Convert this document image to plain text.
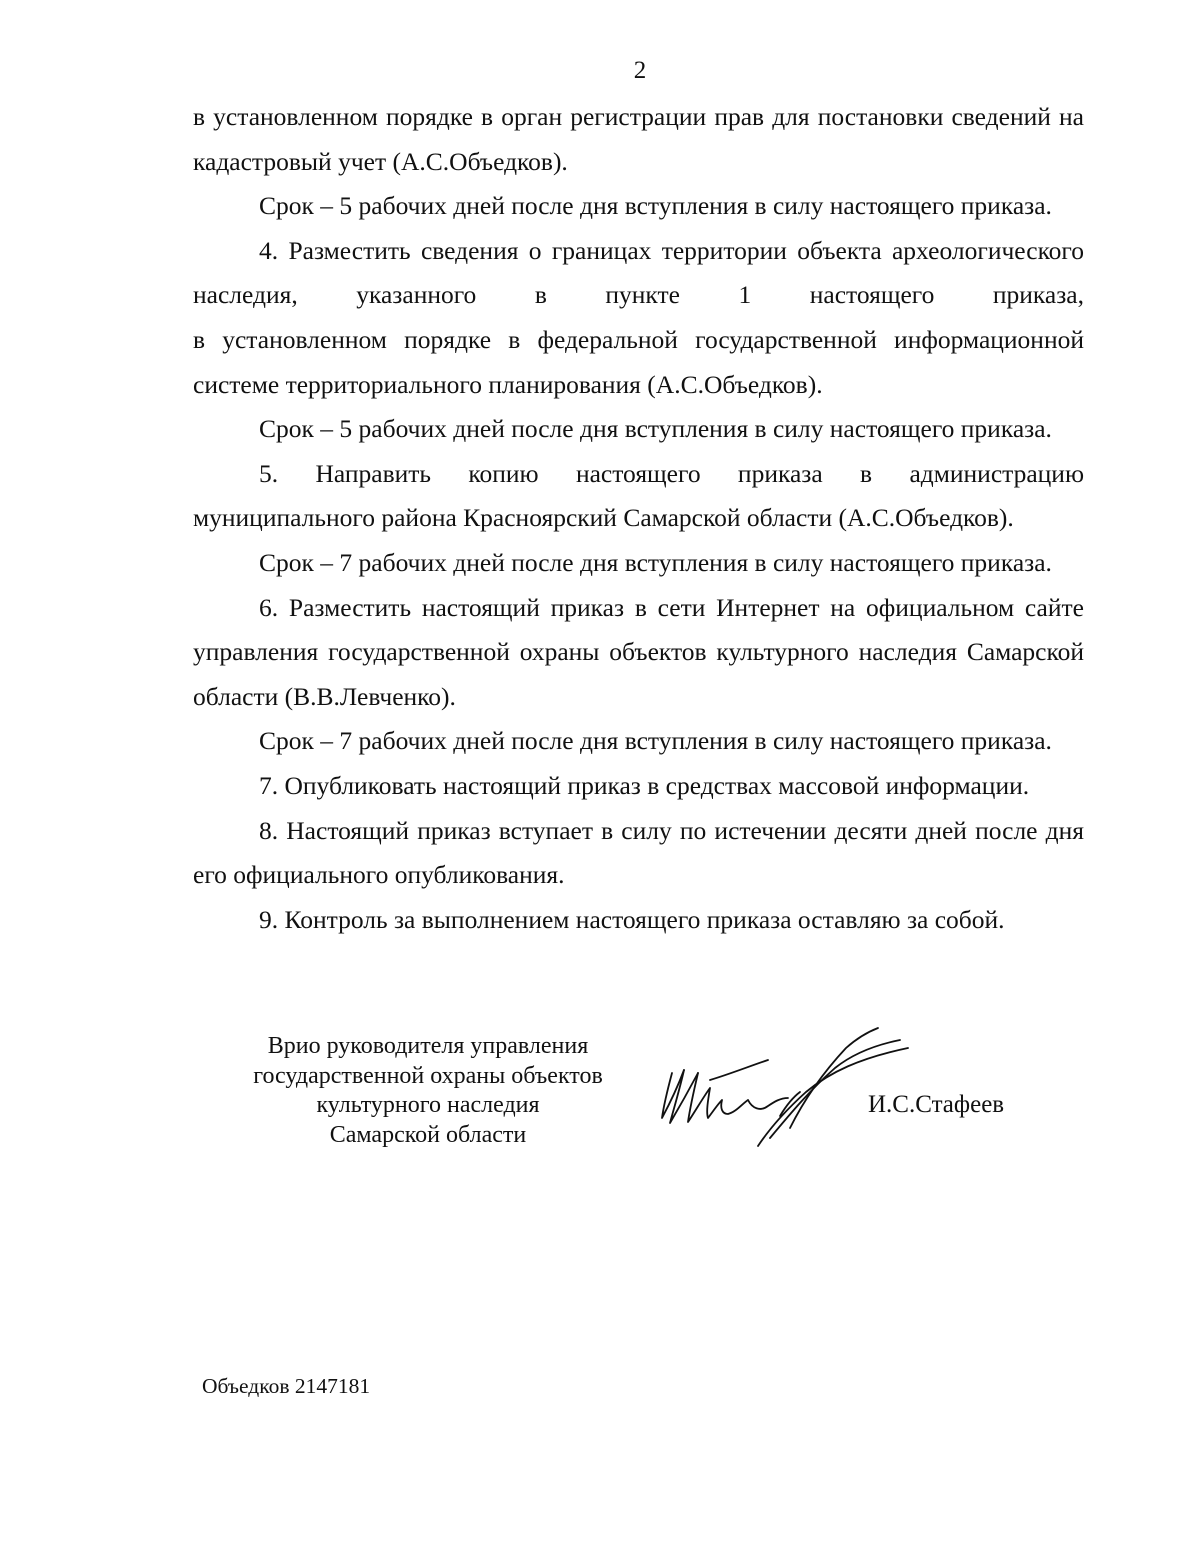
2

в установленном порядке в орган регистрации прав для постановки сведений на кадастровый учет (А.С.Объедков).

Срок – 5 рабочих дней после дня вступления в силу настоящего приказа.

4. Разместить сведения о границах территории объекта археологического наследия, указанного в пункте 1 настоящего приказа,

в установленном порядке в федеральной государственной информационной системе территориального планирования (А.С.Объедков).

Срок – 5 рабочих дней после дня вступления в силу настоящего приказа.

5. Направить копию настоящего приказа в администрацию муниципального района Красноярский Самарской области (А.С.Объедков).

Срок – 7 рабочих дней после дня вступления в силу настоящего приказа.

6. Разместить настоящий приказ в сети Интернет на официальном сайте управления государственной охраны объектов культурного наследия Самарской области (В.В.Левченко).

Срок – 7 рабочих дней после дня вступления в силу настоящего приказа.

7. Опубликовать настоящий приказ в средствах массовой информации.

8. Настоящий приказ вступает в силу по истечении десяти дней после дня его официального опубликования.

9. Контроль за выполнением настоящего приказа оставляю за собой.

Врио руководителя управления
государственной охраны объектов
культурного наследия
Самарской области
И.С.Стафеев
Объедков 2147181
